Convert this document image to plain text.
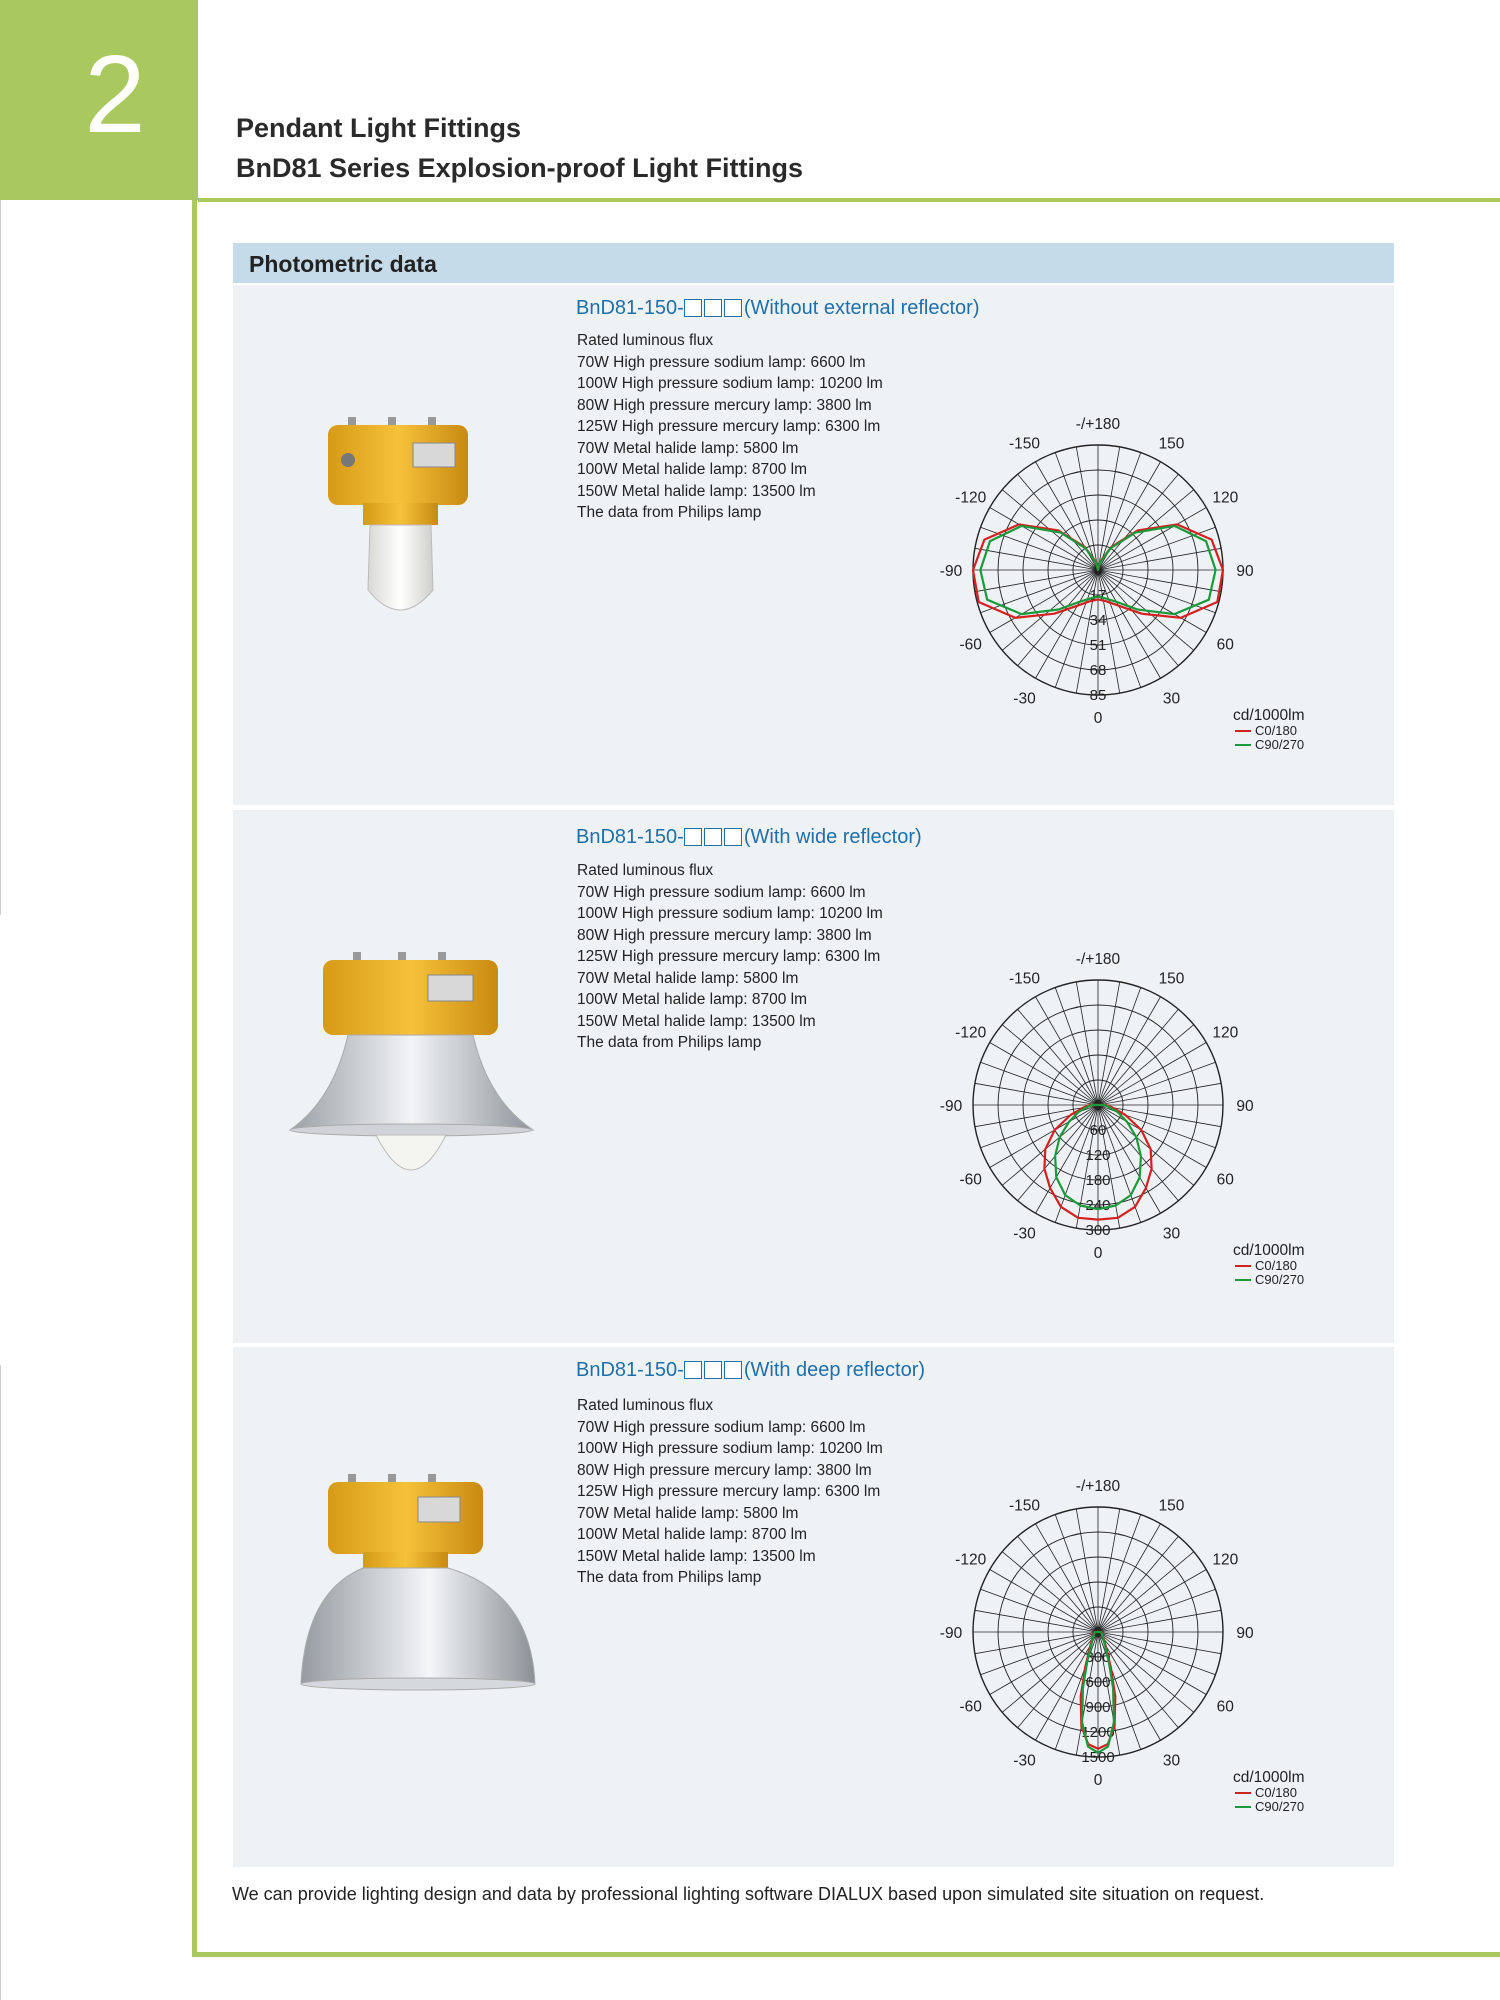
2	Pendant Light Fittings
BnD81 Series Explosion-proof Light Fittings
Photometric data
BnD81-150-	(Without external reflector)
Rated luminous flux
70W High pressure sodium lamp: 6600 lm
100W High pressure sodium lamp: 10200 lm
80W High pressure mercury lamp: 3800 lm
125W High pressure mercury lamp: 6300 lm
70W Metal halide lamp: 5800 lm
100W Metal halide lamp: 8700 lm
150W Metal halide lamp: 13500 lm
The data from Philips lamp
-/+180
150
120
90
60
30
0
-30
-60
-90
-120
-150
0
17
34
51
68
85
cd/1000lm
C0/180
C90/270
BnD81-150-	(With wide reflector)
Rated luminous flux
70W High pressure sodium lamp: 6600 lm
100W High pressure sodium lamp: 10200 lm
80W High pressure mercury lamp: 3800 lm
125W High pressure mercury lamp: 6300 lm
70W Metal halide lamp: 5800 lm
100W Metal halide lamp: 8700 lm
150W Metal halide lamp: 13500 lm
The data from Philips lamp
-/+180
150
120
90
60
30
0
-30
-60
-90
-120
-150
0
60
120
180
240
300
cd/1000lm
C0/180
C90/270
BnD81-150-	(With deep reflector)
Rated luminous flux
70W High pressure sodium lamp: 6600 lm
100W High pressure sodium lamp: 10200 lm
80W High pressure mercury lamp: 3800 lm
125W High pressure mercury lamp: 6300 lm
70W Metal halide lamp: 5800 lm
100W Metal halide lamp: 8700 lm
150W Metal halide lamp: 13500 lm
The data from Philips lamp
-/+180
150
120
90
60
30
0
-30
-60
-90
-120
-150
0
300
600
900
1200
1500
cd/1000lm
C0/180
C90/270
We can provide lighting design and data by professional lighting software DIALUX based upon simulated site situation on request.
